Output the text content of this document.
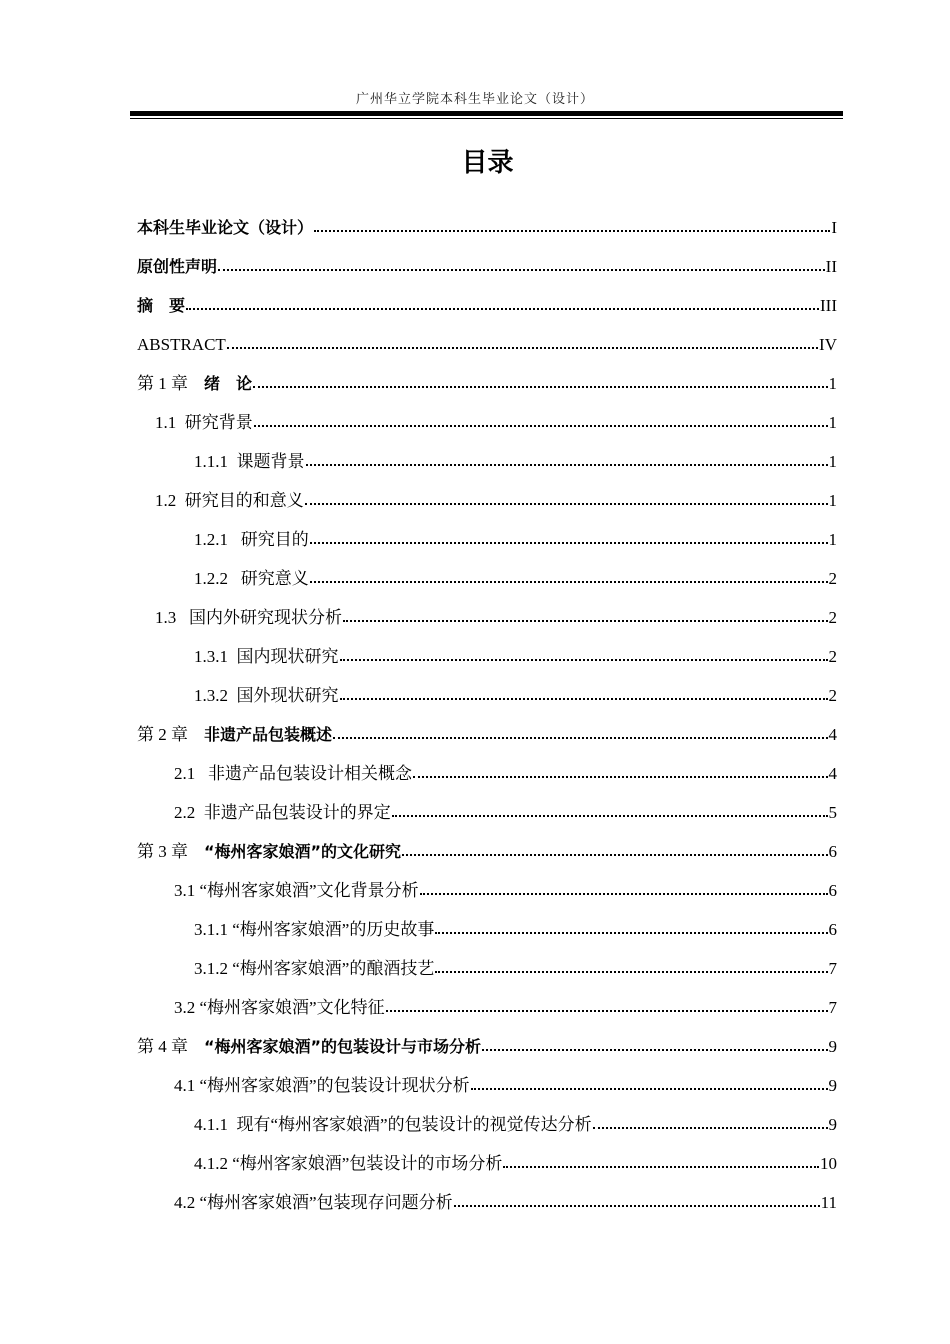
广州华立学院本科生毕业论文（设计）
目录
本科生毕业论文（设计）	I
原创性声明	II
摘　要	III
ABSTRACT	IV
第 1 章　绪　论	1
1.1  研究背景	1
1.1.1  课题背景	1
1.2  研究目的和意义	1
1.2.1   研究目的	1
1.2.2   研究意义	2
1.3   国内外研究现状分析	2
1.3.1  国内现状研究	2
1.3.2  国外现状研究	2
第 2 章　非遗产品包装概述	4
2.1   非遗产品包装设计相关概念	4
2.2  非遗产品包装设计的界定	5
第 3 章　“梅州客家娘酒”的文化研究	6
3.1 “梅州客家娘酒”文化背景分析	6
3.1.1 “梅州客家娘酒”的历史故事	6
3.1.2 “梅州客家娘酒”的酿酒技艺	7
3.2 “梅州客家娘酒”文化特征	7
第 4 章　“梅州客家娘酒”的包装设计与市场分析	9
4.1 “梅州客家娘酒”的包装设计现状分析	9
4.1.1  现有“梅州客家娘酒”的包装设计的视觉传达分析	9
4.1.2 “梅州客家娘酒”包装设计的市场分析	10
4.2 “梅州客家娘酒”包装现存问题分析	11
